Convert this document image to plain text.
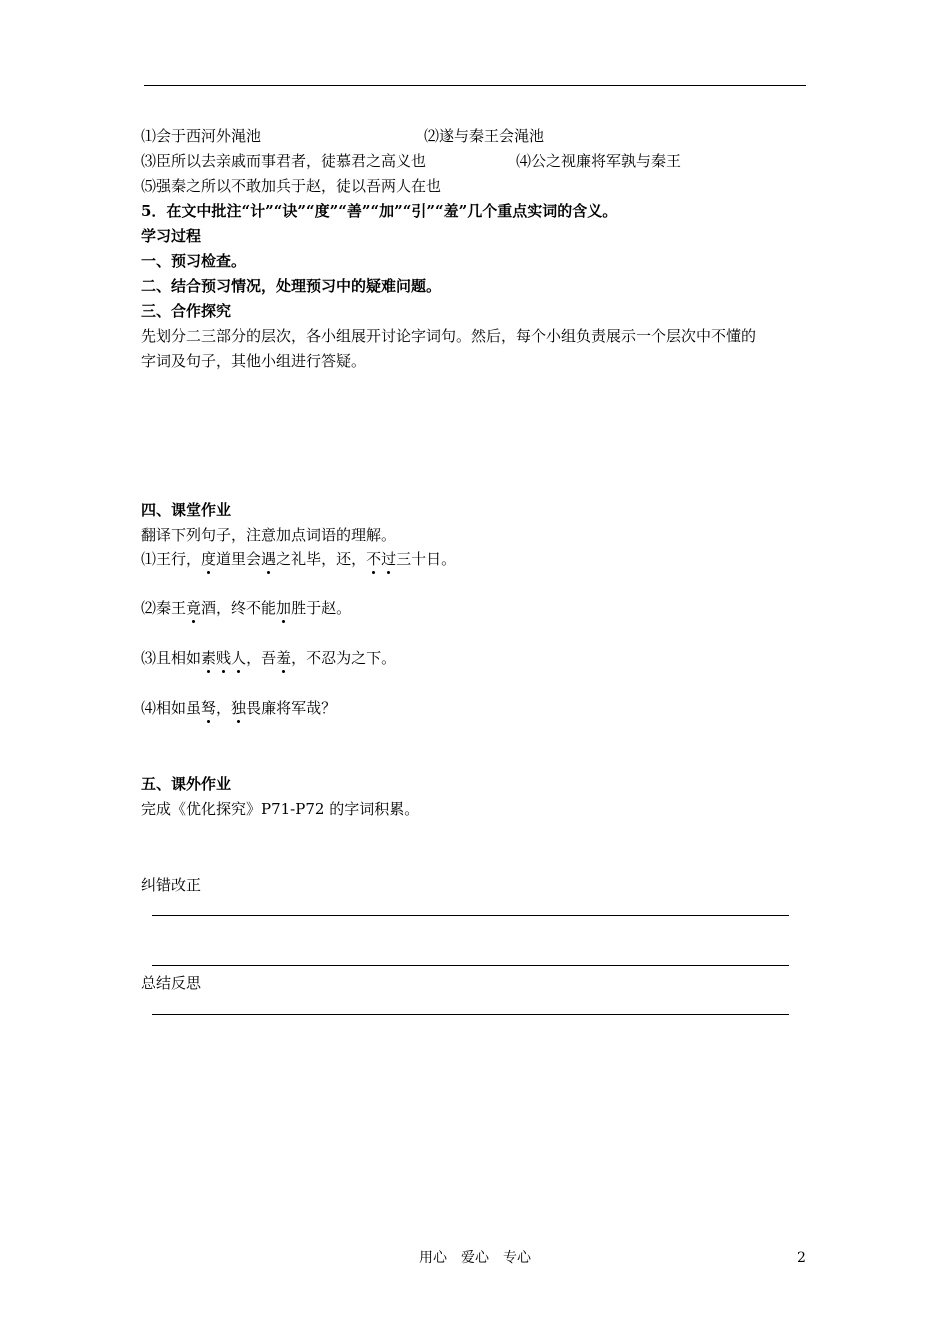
⑴会于西河外渑池	⑵遂与秦王会渑池
⑶臣所以去亲戚而事君者，徒慕君之高义也	⑷公之视廉将军孰与秦王
⑸强秦之所以不敢加兵于赵，徒以吾两人在也
5．在文中批注“计”“诀”“度”“善”“加”“引”“羞”几个重点实词的含义。
学习过程
一、预习检查。
二、结合预习情况，处理预习中的疑难问题。
三、合作探究
先划分二三部分的层次，各小组展开讨论字词句。然后，每个小组负责展示一个层次中不懂的
字词及句子，其他小组进行答疑。
四、课堂作业
翻译下列句子，注意加点词语的理解。
⑴王行，度道里会遇之礼毕，还，不过三十日。
⑵秦王竟酒，终不能加胜于赵。
⑶且相如素贱人，吾羞，不忍为之下。
⑷相如虽驽，独畏廉将军哉？
五、课外作业
完成《优化探究》P71-P72 的字词积累。
纠错改正
总结反思
用心　爱心　专心	2
